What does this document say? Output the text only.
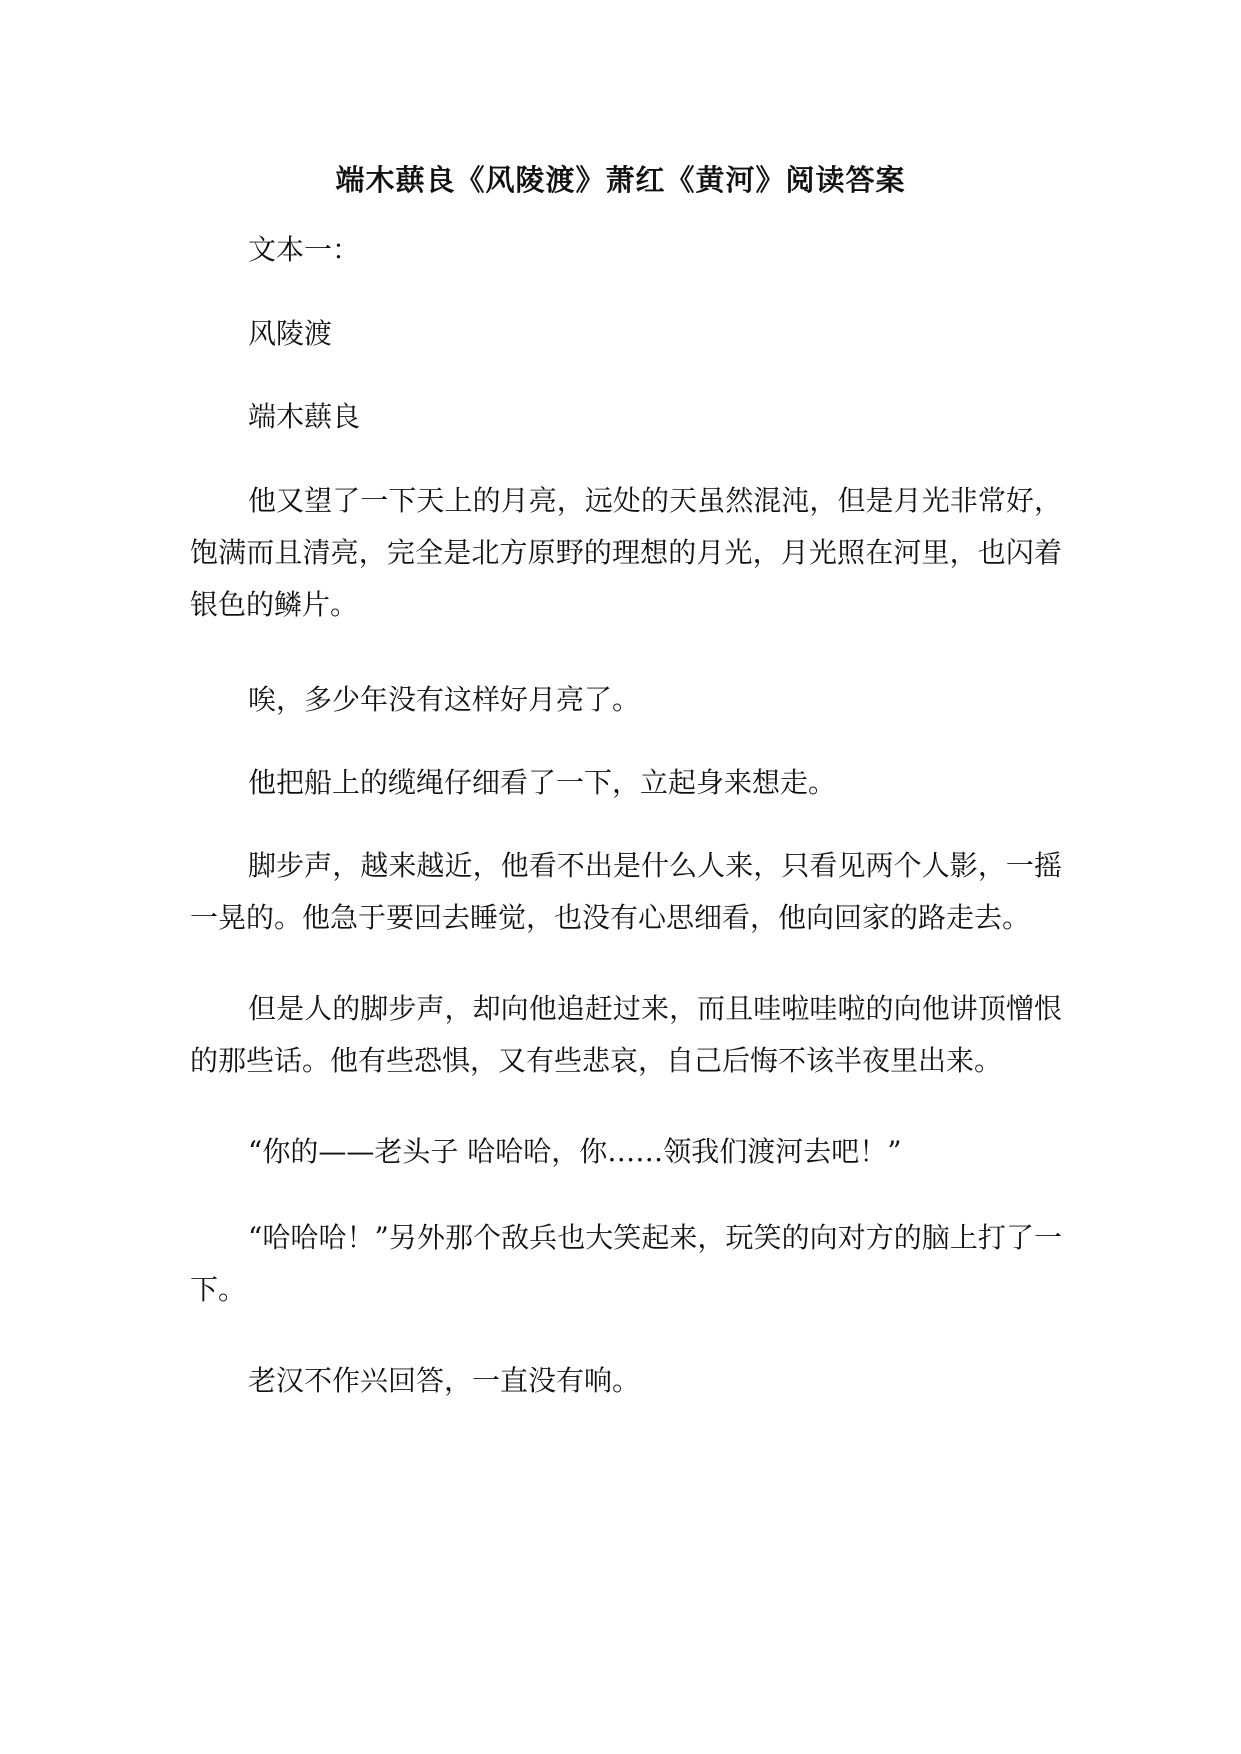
端木蕻良《风陵渡》萧红《黄河》阅读答案

文本一：

风陵渡

端木蕻良

他又望了一下天上的月亮，远处的天虽然混沌，但是月光非常好，饱满而且清亮，完全是北方原野的理想的月光，月光照在河里，也闪着银色的鳞片。

唉，多少年没有这样好月亮了。

他把船上的缆绳仔细看了一下，立起身来想走。

脚步声，越来越近，他看不出是什么人来，只看见两个人影，一摇一晃的。他急于要回去睡觉，也没有心思细看，他向回家的路走去。

但是人的脚步声，却向他追赶过来，而且哇啦哇啦的向他讲顶憎恨的那些话。他有些恐惧，又有些悲哀，自己后悔不该半夜里出来。

“你的——老头子 哈哈哈，你……领我们渡河去吧！”

“哈哈哈！”另外那个敌兵也大笑起来，玩笑的向对方的脑上打了一下。

老汉不作兴回答，一直没有响。
